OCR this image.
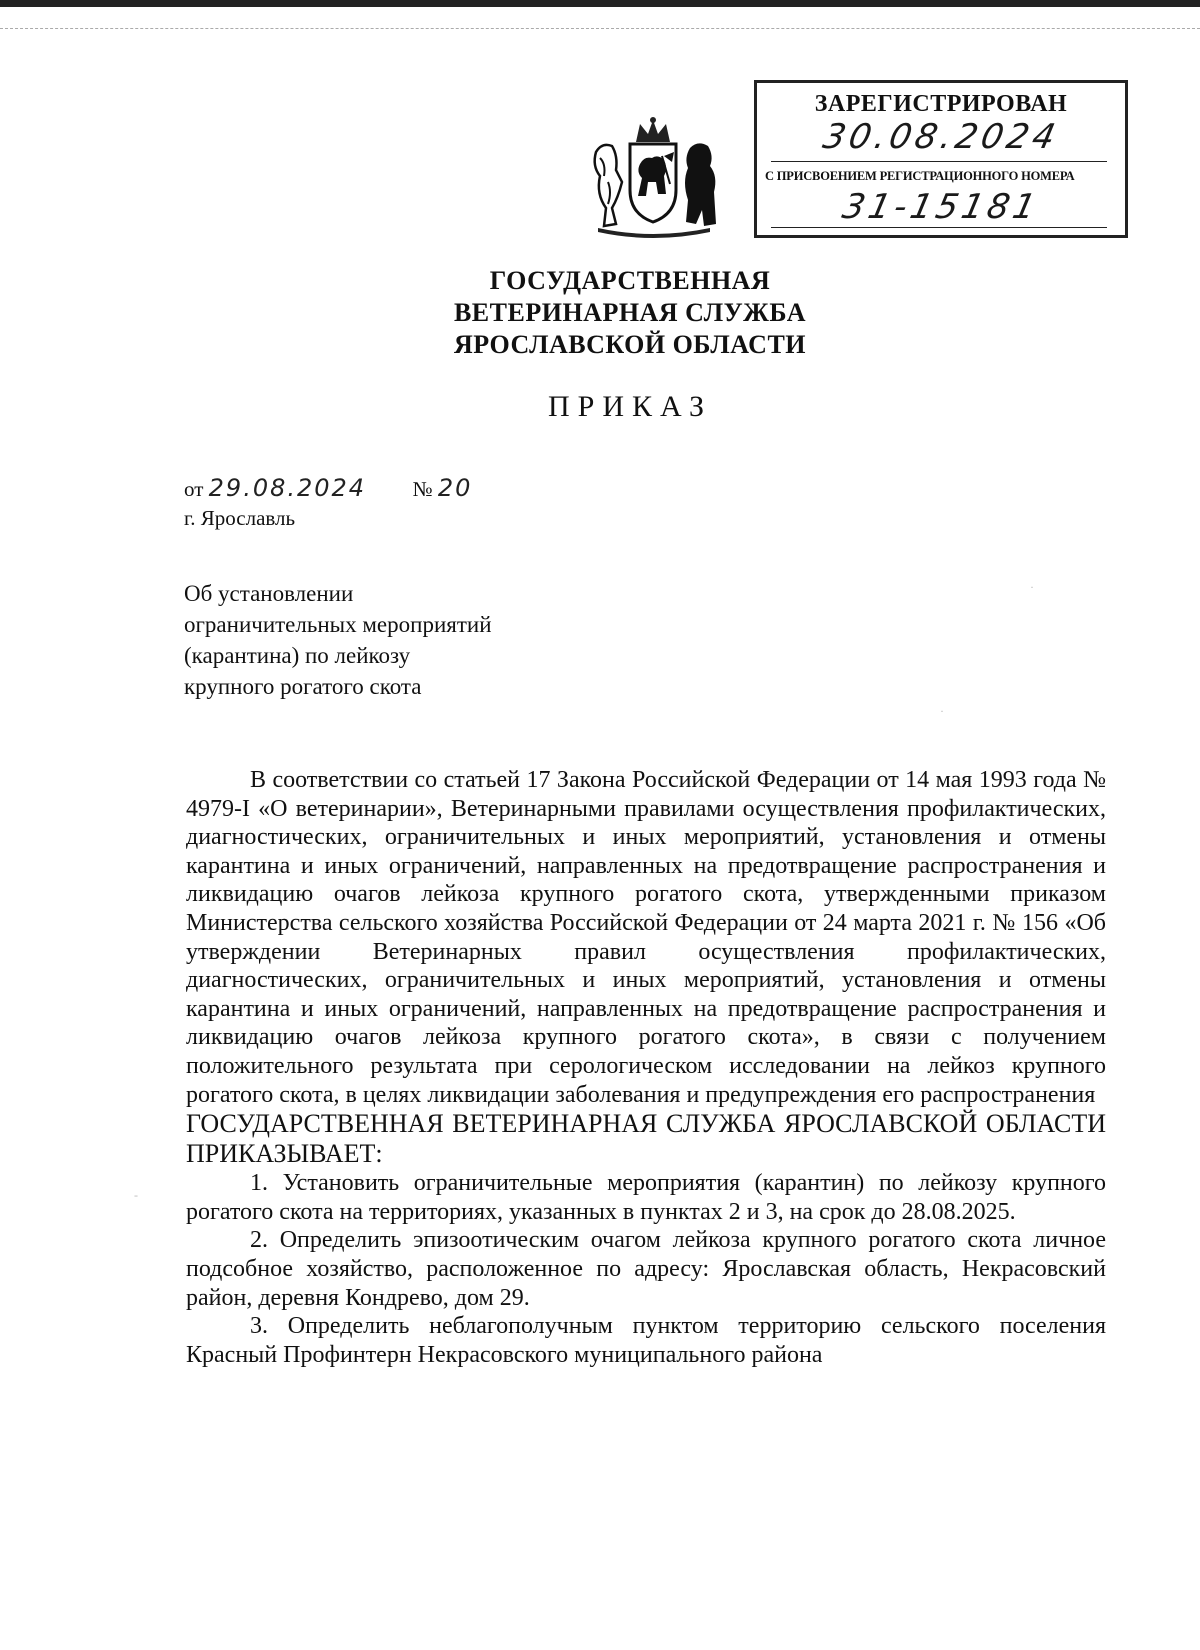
ЗАРЕГИСТРИРОВАН
30.08.2024
С ПРИСВОЕНИЕМ РЕГИСТРАЦИОННОГО НОМЕРА
31-15181
ГОСУДАРСТВЕННАЯ
ВЕТЕРИНАРНАЯ СЛУЖБА
ЯРОСЛАВСКОЙ ОБЛАСТИ
ПРИКАЗ
от 29.08.2024 № 20
г. Ярославль
Об установлении
ограничительных мероприятий
(карантина) по лейкозу
крупного рогатого скота

В соответствии со статьей 17 Закона Российской Федерации от 14 мая 1993 года № 4979-I «О ветеринарии», Ветеринарными правилами осуществления профилактических, диагностических, ограничительных и иных мероприятий, установления и отмены карантина и иных ограничений, направленных на предотвращение распространения и ликвидацию очагов лейкоза крупного рогатого скота, утвержденными приказом Министерства сельского хозяйства Российской Федерации от 24 марта 2021 г. № 156 «Об утверждении Ветеринарных правил осуществления профилактических, диагностических, ограничительных и иных мероприятий, установления и отмены карантина и иных ограничений, направленных на предотвращение распространения и ликвидацию очагов лейкоза крупного рогатого скота», в связи с получением положительного результата при серологическом исследовании на лейкоз крупного рогатого скота, в целях ликвидации заболевания и предупреждения его распространения

ГОСУДАРСТВЕННАЯ ВЕТЕРИНАРНАЯ СЛУЖБА ЯРОСЛАВСКОЙ ОБЛАСТИ ПРИКАЗЫВАЕТ:

1. Установить ограничительные мероприятия (карантин) по лейкозу крупного рогатого скота на территориях, указанных в пунктах 2 и 3, на срок до 28.08.2025.

2. Определить эпизоотическим очагом лейкоза крупного рогатого скота личное подсобное хозяйство, расположенное по адресу: Ярославская область, Некрасовский район, деревня Кондрево, дом 29.

3. Определить неблагополучным пунктом территорию сельского поселения Красный Профинтерн Некрасовского муниципального района

·
·
-
